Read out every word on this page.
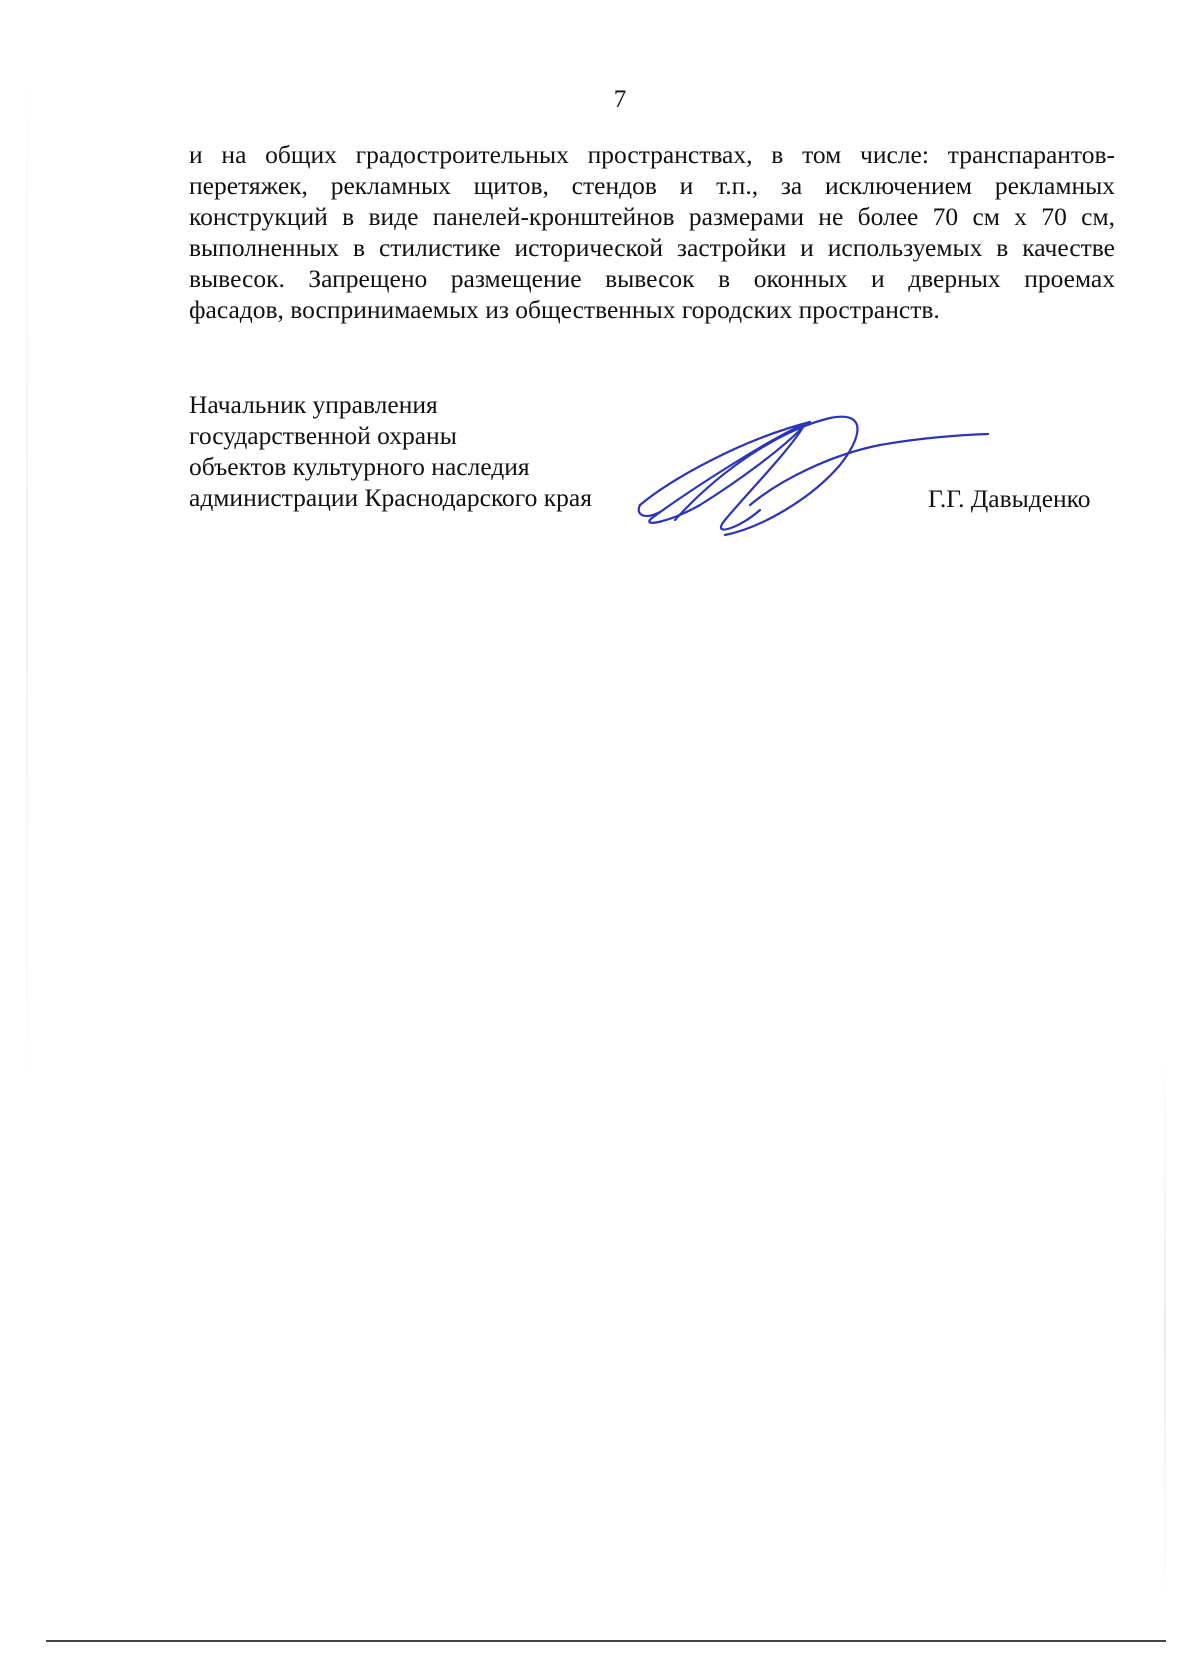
7
и на общих градостроительных пространствах, в том числе: транспарантов-
перетяжек, рекламных щитов, стендов и т.п., за исключением рекламных
конструкций в виде панелей-кронштейнов размерами не более 70 см х 70 см,
выполненных в стилистике исторической застройки и используемых в качестве
вывесок. Запрещено размещение вывесок в оконных и дверных проемах
фасадов, воспринимаемых из общественных городских пространств.
Начальник управления
государственной охраны
объектов культурного наследия
администрации Краснодарского края	Г.Г. Давыденко
